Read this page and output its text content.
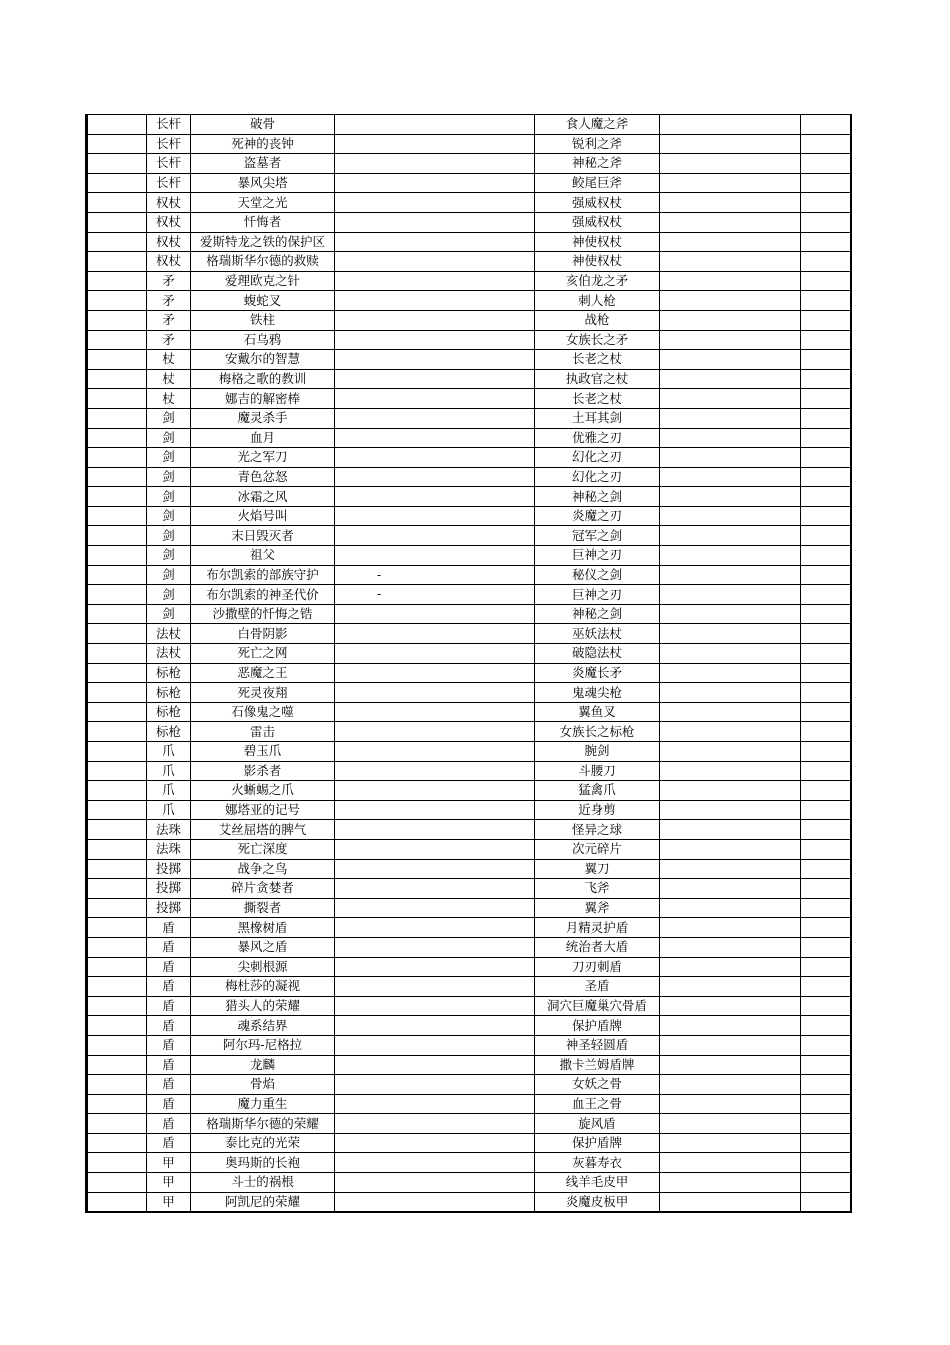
	长杆	破骨		食人魔之斧		
	长杆	死神的丧钟		锐利之斧		
	长杆	盗墓者		神秘之斧		
	长杆	暴风尖塔		鲛尾巨斧		
	权杖	天堂之光		强威权杖		
	权杖	忏悔者		强威权杖		
	权杖	爱斯特龙之铁的保护区		神使权杖		
	权杖	格瑞斯华尔德的救赎		神使权杖		
	矛	爱理欧克之针		亥伯龙之矛		
	矛	蝮蛇叉		刺人枪		
	矛	铁柱		战枪		
	矛	石乌鸦		女族长之矛		
	杖	安戴尔的智慧		长老之杖		
	杖	梅格之歌的教训		执政官之杖		
	杖	娜吉的解密棒		长老之杖		
	剑	魔灵杀手		土耳其剑		
	剑	血月		优雅之刃		
	剑	光之军刀		幻化之刃		
	剑	青色忿怒		幻化之刃		
	剑	冰霜之风		神秘之剑		
	剑	火焰号叫		炎魔之刃		
	剑	末日毁灭者		冠军之剑		
	剑	祖父		巨神之刃		
	剑	布尔凯索的部族守护	-	秘仪之剑		
	剑	布尔凯索的神圣代价	-	巨神之刃		
	剑	沙撒壁的忏悔之锆		神秘之剑		
	法杖	白骨阴影		巫妖法杖		
	法杖	死亡之网		破隐法杖		
	标枪	恶魔之王		炎魔长矛		
	标枪	死灵夜翔		鬼魂尖枪		
	标枪	石像鬼之噬		翼鱼叉		
	标枪	雷击		女族长之标枪		
	爪	碧玉爪		腕剑		
	爪	影杀者		斗腰刀		
	爪	火蜥蜴之爪		猛禽爪		
	爪	娜塔亚的记号		近身剪		
	法珠	艾丝屈塔的脾气		怪异之球		
	法珠	死亡深度		次元碎片		
	投掷	战争之鸟		翼刀		
	投掷	碎片贪婪者		飞斧		
	投掷	撕裂者		翼斧		
	盾	黑橡树盾		月精灵护盾		
	盾	暴风之盾		统治者大盾		
	盾	尖刺根源		刀刃刺盾		
	盾	梅杜莎的凝视		圣盾		
	盾	猎头人的荣耀		洞穴巨魔巢穴骨盾		
	盾	魂系结界		保护盾牌		
	盾	阿尔玛-尼格拉		神圣轻圆盾		
	盾	龙麟		撒卡兰姆盾牌		
	盾	骨焰		女妖之骨		
	盾	魔力重生		血王之骨		
	盾	格瑞斯华尔德的荣耀		旋风盾		
	盾	泰比克的光荣		保护盾牌		
	甲	奥玛斯的长袍		灰暮寿衣		
	甲	斗士的祸根		线羊毛皮甲		
	甲	阿凯尼的荣耀		炎魔皮板甲		
